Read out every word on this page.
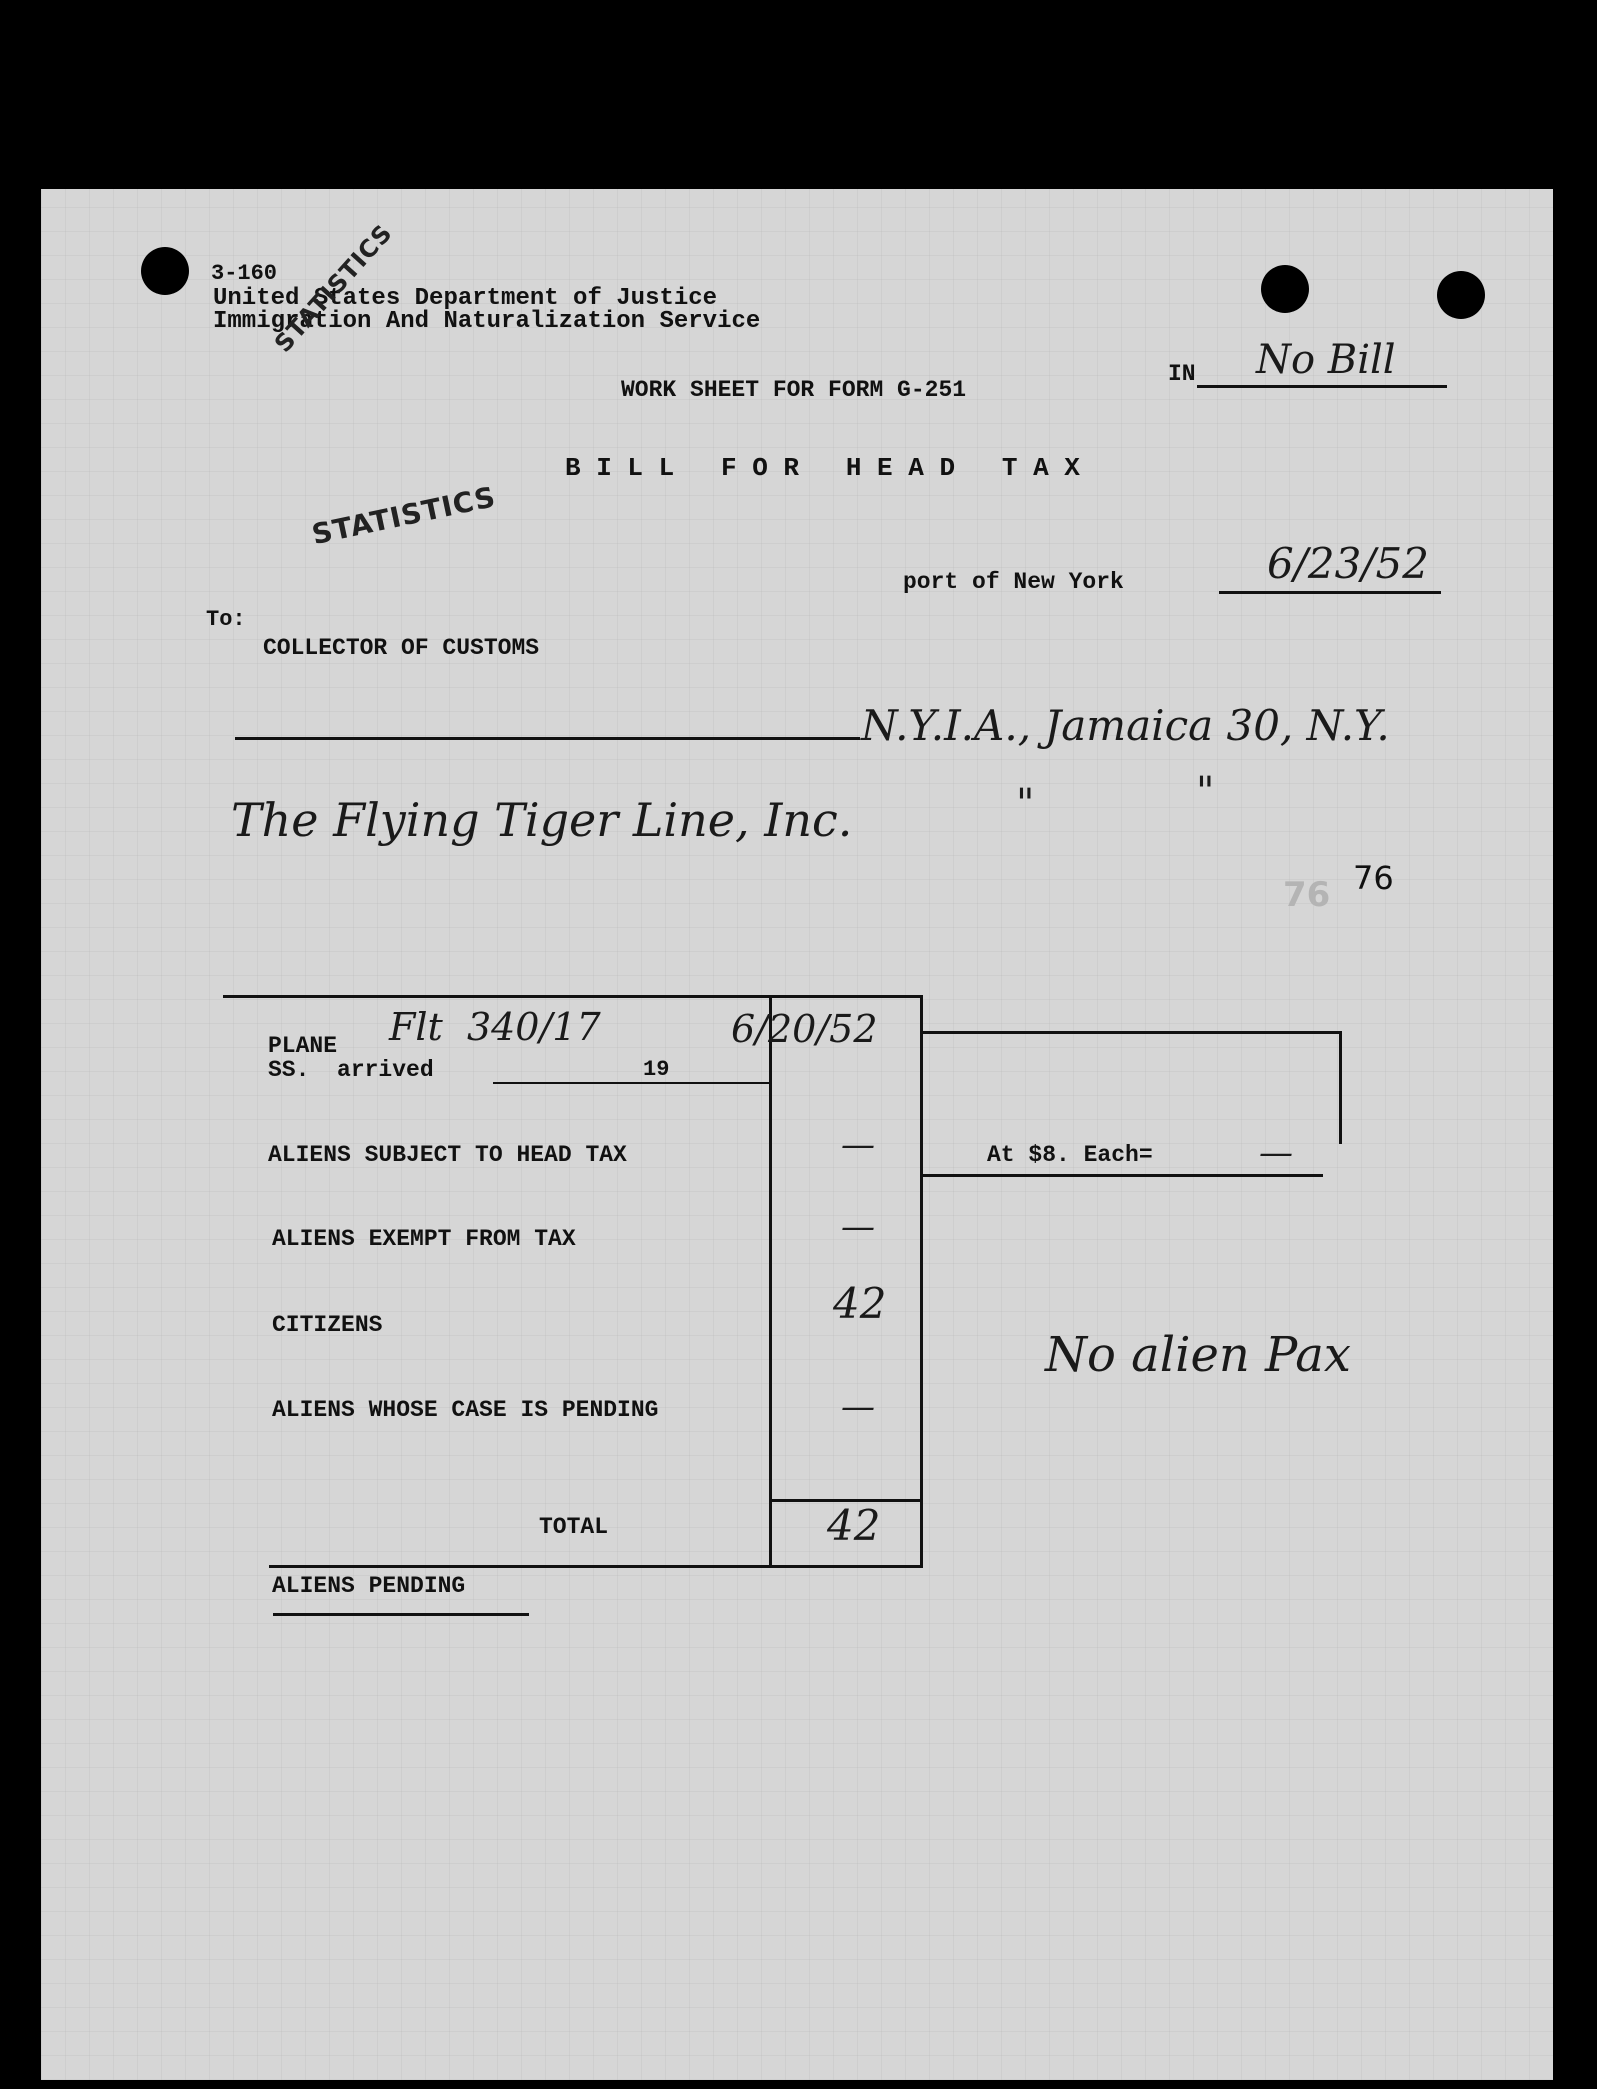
3-160
United States Department of Justice
Immigration And Naturalization Service
STATISTICS
WORK SHEET FOR FORM G-251
IN No Bill
B I L L   F O R   H E A D   T A X
STATISTICS
port of New York	6/23/52
To:
COLLECTOR OF CUSTOMS
N.Y.I.A., Jamaica 30, N.Y.
The Flying Tiger Line, Inc.	"	"
76 76
At $8. Each=	—
PLANE Flt  340/17	6/20/52
SS.  arrived	19
ALIENS SUBJECT TO HEAD TAX	—
ALIENS EXEMPT FROM TAX	—
CITIZENS	42
ALIENS WHOSE CASE IS PENDING	—
TOTAL	42
ALIENS PENDING
No alien Pax
